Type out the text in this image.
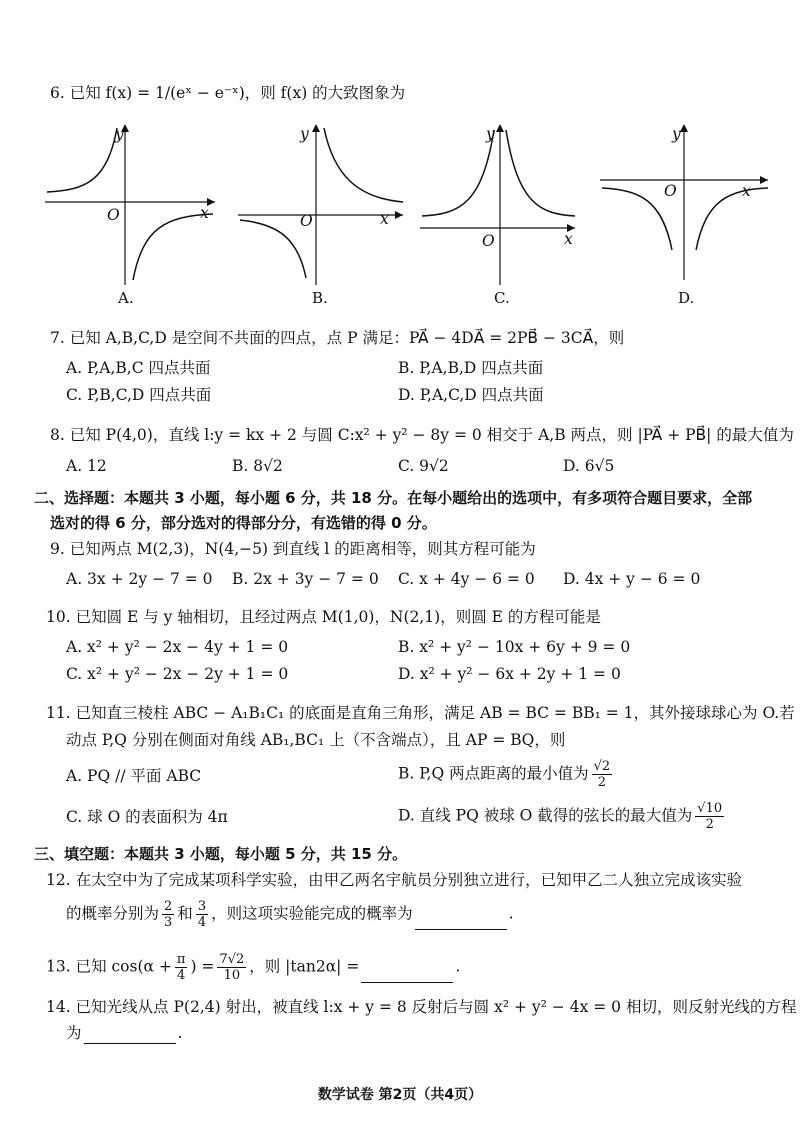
6. 已知 f(x) = 1/(eˣ − e⁻ˣ)，则 f(x) 的大致图象为
y
x
O
A.
y
x
O
B.
y
x
O
C.
y
x
O
D.
7. 已知 A,B,C,D 是空间不共面的四点，点 P 满足：PA⃗ − 4DA⃗ = 2PB⃗ − 3CA⃗，则
A. P,A,B,C 四点共面	B. P,A,B,D 四点共面
C. P,B,C,D 四点共面	D. P,A,C,D 四点共面
8. 已知 P(4,0)，直线 l:y = kx + 2 与圆 C:x² + y² − 8y = 0 相交于 A,B 两点，则 |PA⃗ + PB⃗| 的最大值为
A. 12	B. 8√2	C. 9√2	D. 6√5
二、选择题：本题共 3 小题，每小题 6 分，共 18 分。在每小题给出的选项中，有多项符合题目要求，全部
选对的得 6 分，部分选对的得部分分，有选错的得 0 分。
9. 已知两点 M(2,3)，N(4,−5) 到直线 l 的距离相等，则其方程可能为
A. 3x + 2y − 7 = 0 B. 2x + 3y − 7 = 0 C. x + 4y − 6 = 0 D. 4x + y − 6 = 0
10. 已知圆 E 与 y 轴相切，且经过两点 M(1,0)，N(2,1)，则圆 E 的方程可能是
A. x² + y² − 2x − 4y + 1 = 0	B. x² + y² − 10x + 6y + 9 = 0
C. x² + y² − 2x − 2y + 1 = 0	D. x² + y² − 6x + 2y + 1 = 0
11. 已知直三棱柱 ABC − A₁B₁C₁ 的底面是直角三角形，满足 AB = BC = BB₁ = 1，其外接球球心为 O.若
动点 P,Q 分别在侧面对角线 AB₁,BC₁ 上（不含端点），且 AP = BQ，则
A. PQ // 平面 ABC	B. P,Q 两点距离的最小值为 $\frac{√2}{2}$
C. 球 O 的表面积为 4π	D. 直线 PQ 被球 O 截得的弦长的最大值为 $\frac{√10}{2}$
三、填空题：本题共 3 小题，每小题 5 分，共 15 分。
12. 在太空中为了完成某项科学实验，由甲乙两名宇航员分别独立进行，已知甲乙二人独立完成该实验
的概率分别为 $\frac{2}{3}$ 和 $\frac{3}{4}$ ，则这项实验能完成的概率为	.
13. 已知 $\cos(\alpha + \frac{\pi}{4}$ ) = $\frac{7√2}{10}$ ，则 |tan2α| =	.
14. 已知光线从点 P(2,4) 射出，被直线 l:x + y = 8 反射后与圆 x² + y² − 4x = 0 相切，则反射光线的方程
为	.
数学试卷 第2页（共4页）
